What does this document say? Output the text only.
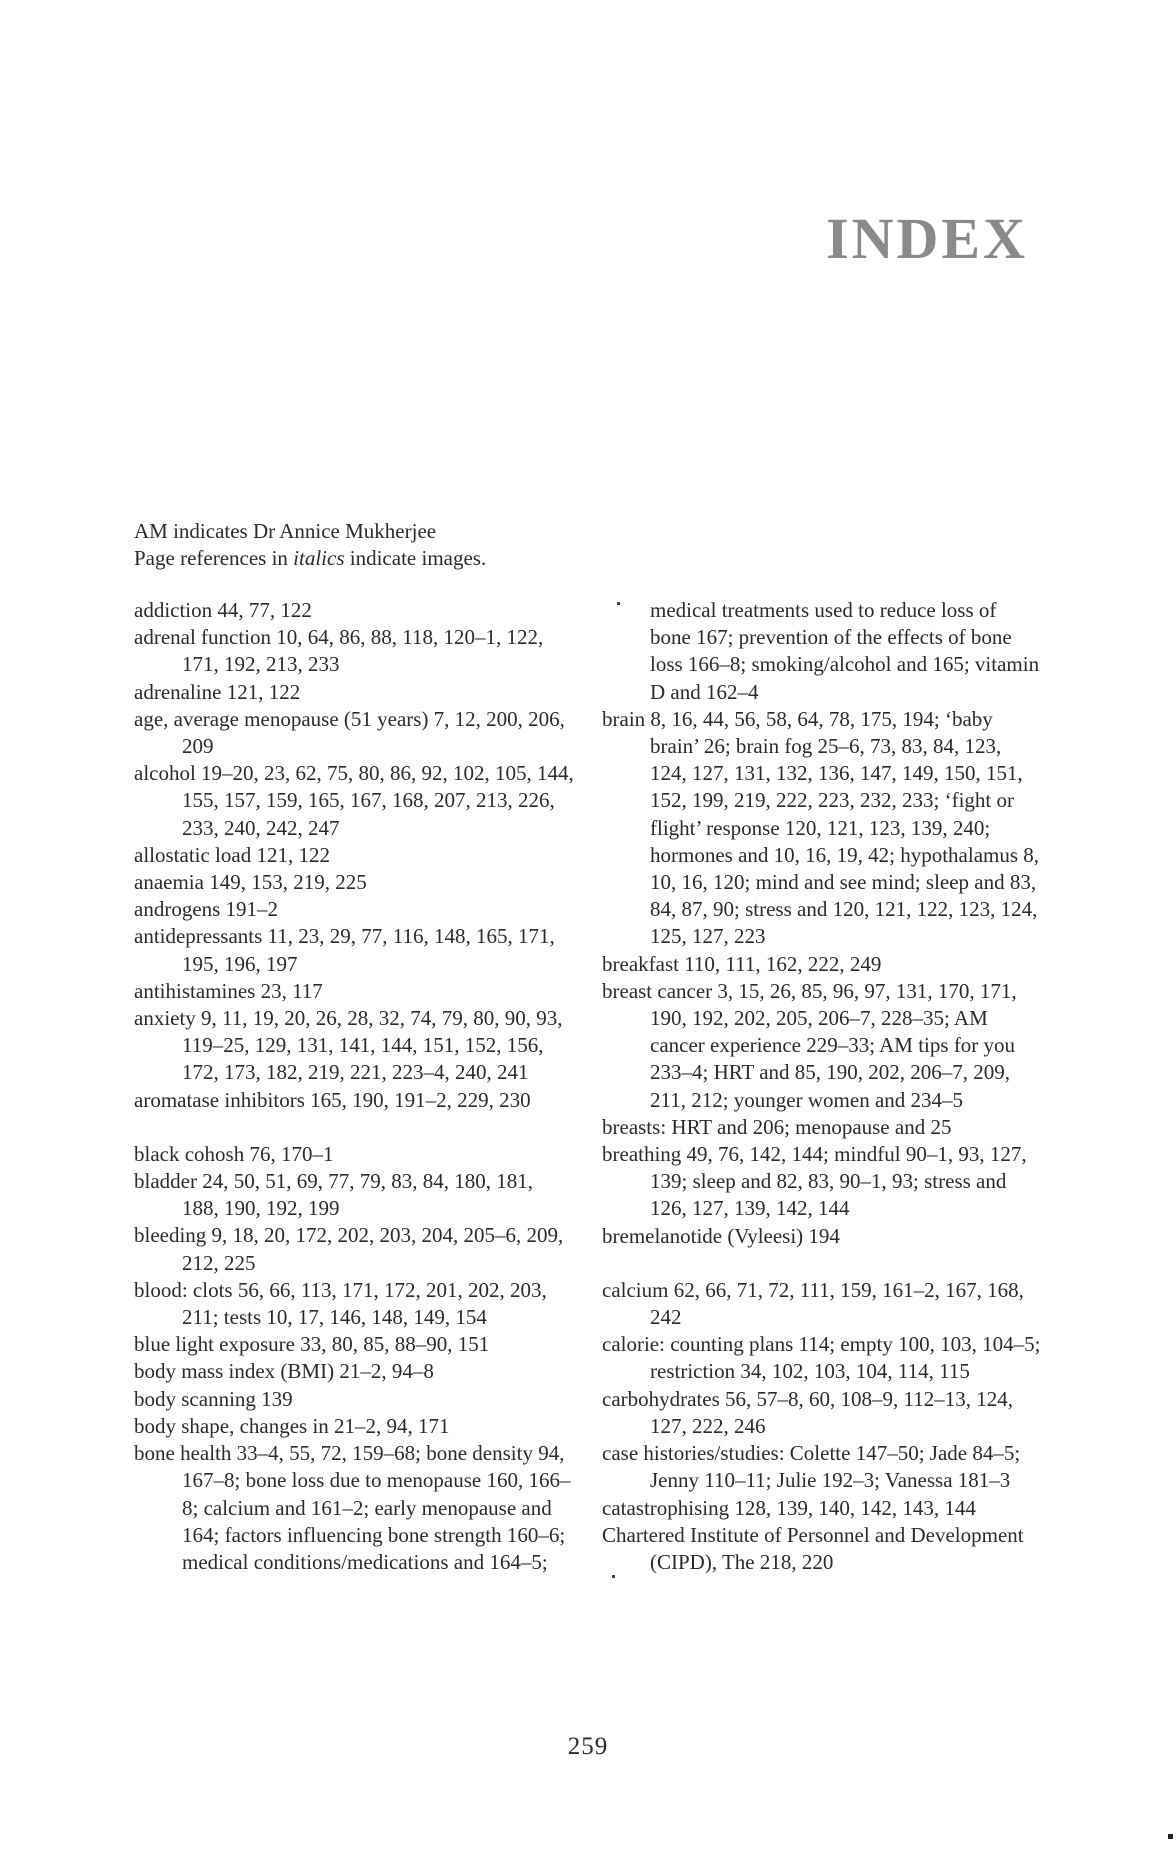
INDEX

AM indicates Dr Annice Mukherjee

Page references in italics indicate images.

addiction 44, 77, 122

adrenal function 10, 64, 86, 88, 118, 120–1, 122, 171, 192, 213, 233

adrenaline 121, 122

age, average menopause (51 years) 7, 12, 200, 206, 209

alcohol 19–20, 23, 62, 75, 80, 86, 92, 102, 105, 144, 155, 157, 159, 165, 167, 168, 207, 213, 226, 233, 240, 242, 247

allostatic load 121, 122

anaemia 149, 153, 219, 225

androgens 191–2

antidepressants 11, 23, 29, 77, 116, 148, 165, 171, 195, 196, 197

antihistamines 23, 117

anxiety 9, 11, 19, 20, 26, 28, 32, 74, 79, 80, 90, 93, 119–25, 129, 131, 141, 144, 151, 152, 156, 172, 173, 182, 219, 221, 223–4, 240, 241

aromatase inhibitors 165, 190, 191–2, 229, 230

black cohosh 76, 170–1

bladder 24, 50, 51, 69, 77, 79, 83, 84, 180, 181, 188, 190, 192, 199

bleeding 9, 18, 20, 172, 202, 203, 204, 205–6, 209, 212, 225

blood: clots 56, 66, 113, 171, 172, 201, 202, 203, 211; tests 10, 17, 146, 148, 149, 154

blue light exposure 33, 80, 85, 88–90, 151

body mass index (BMI) 21–2, 94–8

body scanning 139

body shape, changes in 21–2, 94, 171

bone health 33–4, 55, 72, 159–68; bone density 94, 167–8; bone loss due to menopause 160, 166–8; calcium and 161–2; early menopause and 164; factors influencing bone strength 160–6; medical conditions/medications and 164–5;

medical treatments used to reduce loss of bone 167; prevention of the effects of bone loss 166–8; smoking/alcohol and 165; vitamin D and 162–4

brain 8, 16, 44, 56, 58, 64, 78, 175, 194; ‘baby brain’ 26; brain fog 25–6, 73, 83, 84, 123, 124, 127, 131, 132, 136, 147, 149, 150, 151, 152, 199, 219, 222, 223, 232, 233; ‘fight or flight’ response 120, 121, 123, 139, 240; hormones and 10, 16, 19, 42; hypothalamus 8, 10, 16, 120; mind and see mind; sleep and 83, 84, 87, 90; stress and 120, 121, 122, 123, 124, 125, 127, 223

breakfast 110, 111, 162, 222, 249

breast cancer 3, 15, 26, 85, 96, 97, 131, 170, 171, 190, 192, 202, 205, 206–7, 228–35; AM cancer experience 229–33; AM tips for you 233–4; HRT and 85, 190, 202, 206–7, 209, 211, 212; younger women and 234–5

breasts: HRT and 206; menopause and 25

breathing 49, 76, 142, 144; mindful 90–1, 93, 127, 139; sleep and 82, 83, 90–1, 93; stress and 126, 127, 139, 142, 144

bremelanotide (Vyleesi) 194

calcium 62, 66, 71, 72, 111, 159, 161–2, 167, 168, 242

calorie: counting plans 114; empty 100, 103, 104–5; restriction 34, 102, 103, 104, 114, 115

carbohydrates 56, 57–8, 60, 108–9, 112–13, 124, 127, 222, 246

case histories/studies: Colette 147–50; Jade 84–5; Jenny 110–11; Julie 192–3; Vanessa 181–3

catastrophising 128, 139, 140, 142, 143, 144

Chartered Institute of Personnel and Development (CIPD), The 218, 220

259
